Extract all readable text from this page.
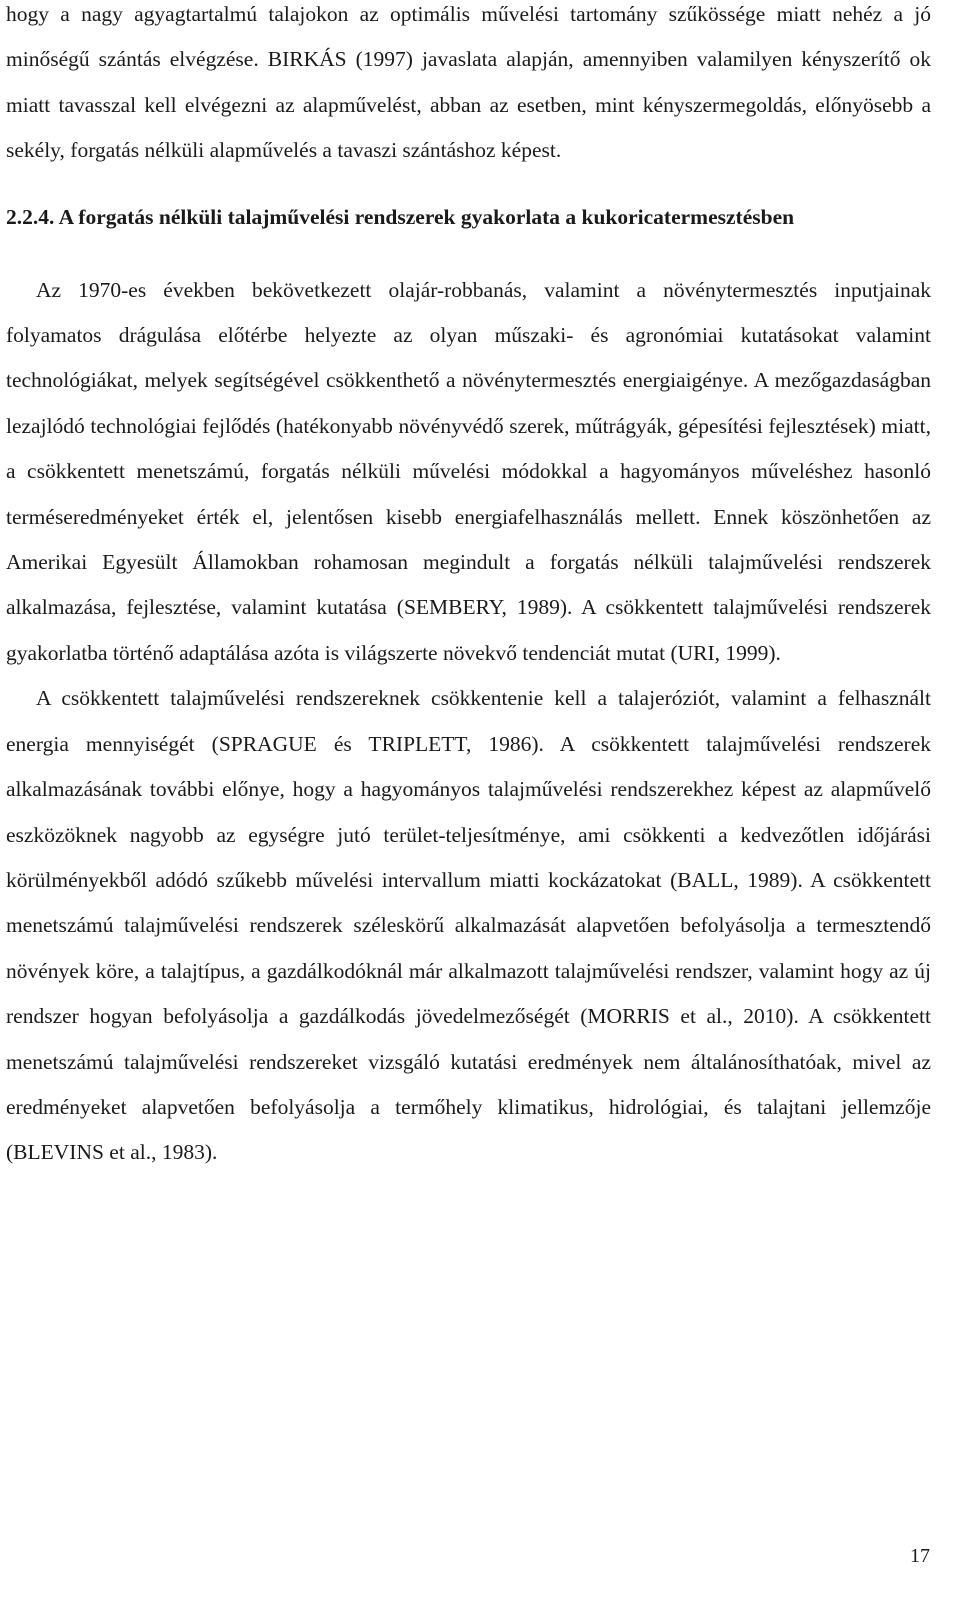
hogy a nagy agyagtartalmú talajokon az optimális művelési tartomány szűkössége miatt nehéz a jó minőségű szántás elvégzése. BIRKÁS (1997) javaslata alapján, amennyiben valamilyen kényszerítő ok miatt tavasszal kell elvégezni az alapművelést, abban az esetben, mint kényszermegoldás, előnyösebb a sekély, forgatás nélküli alapművelés a tavaszi szántáshoz képest.

2.2.4. A forgatás nélküli talajművelési rendszerek gyakorlata a kukoricatermesztésben

Az 1970-es években bekövetkezett olajár-robbanás, valamint a növénytermesztés inputjainak folyamatos drágulása előtérbe helyezte az olyan műszaki- és agronómiai kutatásokat valamint technológiákat, melyek segítségével csökkenthető a növénytermesztés energiaigénye. A mezőgazdaságban lezajlódó technológiai fejlődés (hatékonyabb növényvédő szerek, műtrágyák, gépesítési fejlesztések) miatt, a csökkentett menetszámú, forgatás nélküli művelési módokkal a hagyományos műveléshez hasonló terméseredményeket érték el, jelentősen kisebb energiafelhasználás mellett. Ennek köszönhetően az Amerikai Egyesült Államokban rohamosan megindult a forgatás nélküli talajművelési rendszerek alkalmazása, fejlesztése, valamint kutatása (SEMBERY, 1989). A csökkentett talajművelési rendszerek gyakorlatba történő adaptálása azóta is világszerte növekvő tendenciát mutat (URI, 1999).

A csökkentett talajművelési rendszereknek csökkentenie kell a talajeróziót, valamint a felhasznált energia mennyiségét (SPRAGUE és TRIPLETT, 1986). A csökkentett talajművelési rendszerek alkalmazásának további előnye, hogy a hagyományos talajművelési rendszerekhez képest az alapművelő eszközöknek nagyobb az egységre jutó terület-teljesítménye, ami csökkenti a kedvezőtlen időjárási körülményekből adódó szűkebb művelési intervallum miatti kockázatokat (BALL, 1989). A csökkentett menetszámú talajművelési rendszerek széleskörű alkalmazását alapvetően befolyásolja a termesztendő növények köre, a talajtípus, a gazdálkodóknál már alkalmazott talajművelési rendszer, valamint hogy az új rendszer hogyan befolyásolja a gazdálkodás jövedelmezőségét (MORRIS et al., 2010). A csökkentett menetszámú talajművelési rendszereket vizsgáló kutatási eredmények nem általánosíthatóak, mivel az eredményeket alapvetően befolyásolja a termőhely klimatikus, hidrológiai, és talajtani jellemzője (BLEVINS et al., 1983).

17
